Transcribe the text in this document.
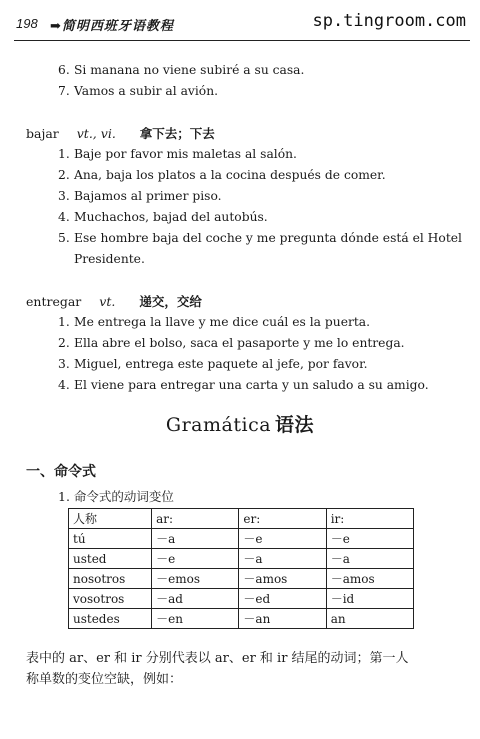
198 ➡简明西班牙语教程	sp.tingroom.com
6. Si manana no viene subiré a su casa.
7. Vamos a subir al avión.
bajar vt., vi. 拿下去；下去
1. Baje por favor mis maletas al salón.
2. Ana, baja los platos a la cocina después de comer.
3. Bajamos al primer piso.
4. Muchachos, bajad del autobús.
5. Ese hombre baja del coche y me pregunta dónde está el Hotel
Presidente.
entregar vt. 递交，交给
1. Me entrega la llave y me dice cuál es la puerta.
2. Ella abre el bolso, saca el pasaporte y me lo entrega.
3. Miguel, entrega este paquete al jefe, por favor.
4. El viene para entregar una carta y un saludo a su amigo.
Gramática 语法
一、命令式
1. 命令式的动词变位
人称	ar:	er:	ir:
tú	－a	－e	－e
usted	－e	－a	－a
nosotros	－emos	－amos	－amos
vosotros	－ad	－ed	－id
ustedes	－en	－an	an
表中的 ar、er 和 ir 分别代表以 ar、er 和 ir 结尾的动词；第一人
称单数的变位空缺，例如：
